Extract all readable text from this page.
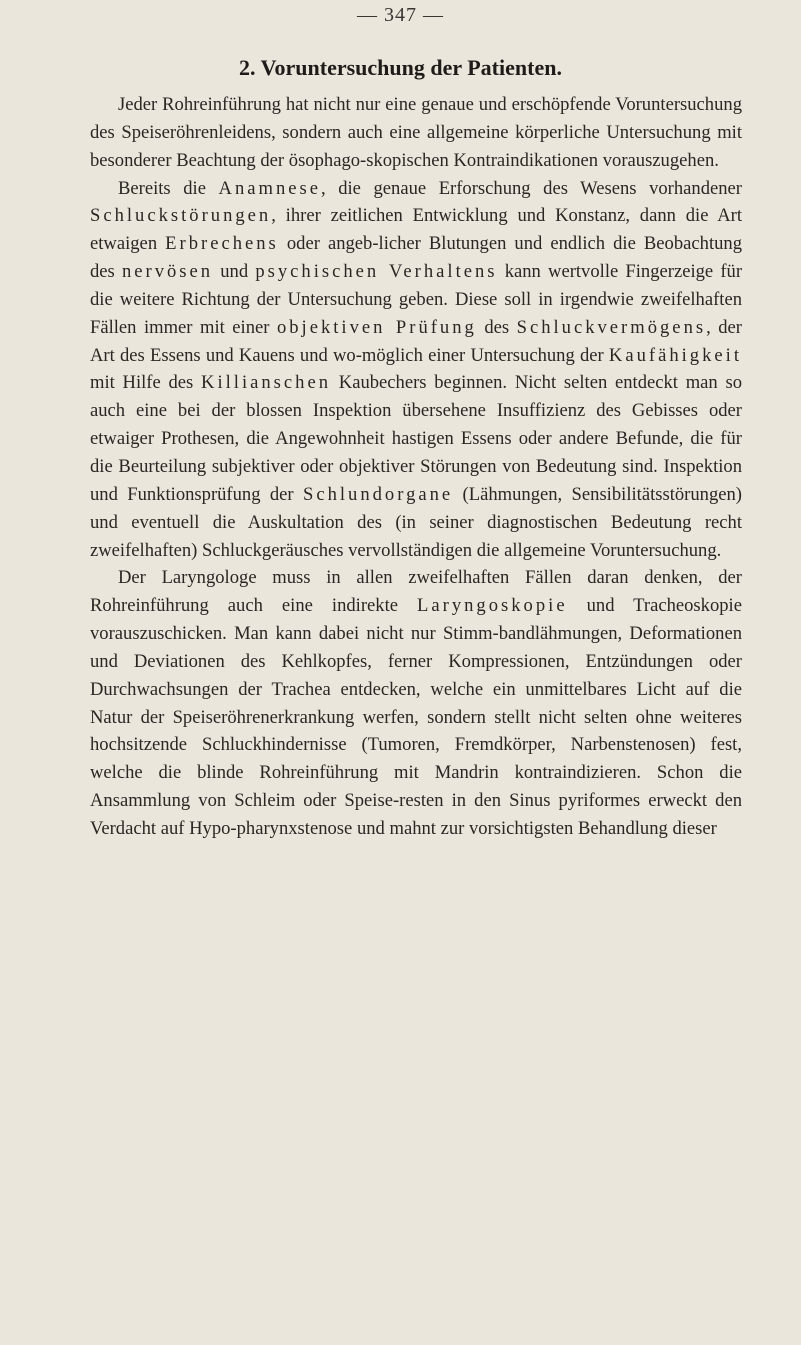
— 347 —
2. Voruntersuchung der Patienten.

Jeder Rohreinführung hat nicht nur eine genaue und erschöpfende Voruntersuchung des Speiseröhrenleidens, sondern auch eine allgemeine körperliche Untersuchung mit besonderer Beachtung der ösophago-skopischen Kontraindikationen vorauszugehen.

Bereits die Anamnese, die genaue Erforschung des Wesens vorhandener Schluckstörungen, ihrer zeitlichen Entwicklung und Konstanz, dann die Art etwaigen Erbrechens oder angeb-licher Blutungen und endlich die Beobachtung des nervösen und psychischen Verhaltens kann wertvolle Fingerzeige für die weitere Richtung der Untersuchung geben. Diese soll in irgendwie zweifelhaften Fällen immer mit einer objektiven Prüfung des Schluckvermögens, der Art des Essens und Kauens und wo-möglich einer Untersuchung der Kaufähigkeit mit Hilfe des Killianschen Kaubechers beginnen. Nicht selten entdeckt man so auch eine bei der blossen Inspektion übersehene Insuffizienz des Gebisses oder etwaiger Prothesen, die Angewohnheit hastigen Essens oder andere Befunde, die für die Beurteilung subjektiver oder objektiver Störungen von Bedeutung sind. Inspektion und Funktionsprüfung der Schlundorgane (Lähmungen, Sensibilitätsstörungen) und eventuell die Auskultation des (in seiner diagnostischen Bedeutung recht zweifelhaften) Schluckgeräusches vervollständigen die allgemeine Voruntersuchung.

Der Laryngologe muss in allen zweifelhaften Fällen daran denken, der Rohreinführung auch eine indirekte Laryngoskopie und Tracheoskopie vorauszuschicken. Man kann dabei nicht nur Stimm-bandlähmungen, Deformationen und Deviationen des Kehlkopfes, ferner Kompressionen, Entzündungen oder Durchwachsungen der Trachea entdecken, welche ein unmittelbares Licht auf die Natur der Speiseröhrenerkrankung werfen, sondern stellt nicht selten ohne weiteres hochsitzende Schluckhindernisse (Tumoren, Fremdkörper, Narbenstenosen) fest, welche die blinde Rohreinführung mit Mandrin kontraindizieren. Schon die Ansammlung von Schleim oder Speise-resten in den Sinus pyriformes erweckt den Verdacht auf Hypo-pharynxstenose und mahnt zur vorsichtigsten Behandlung dieser
